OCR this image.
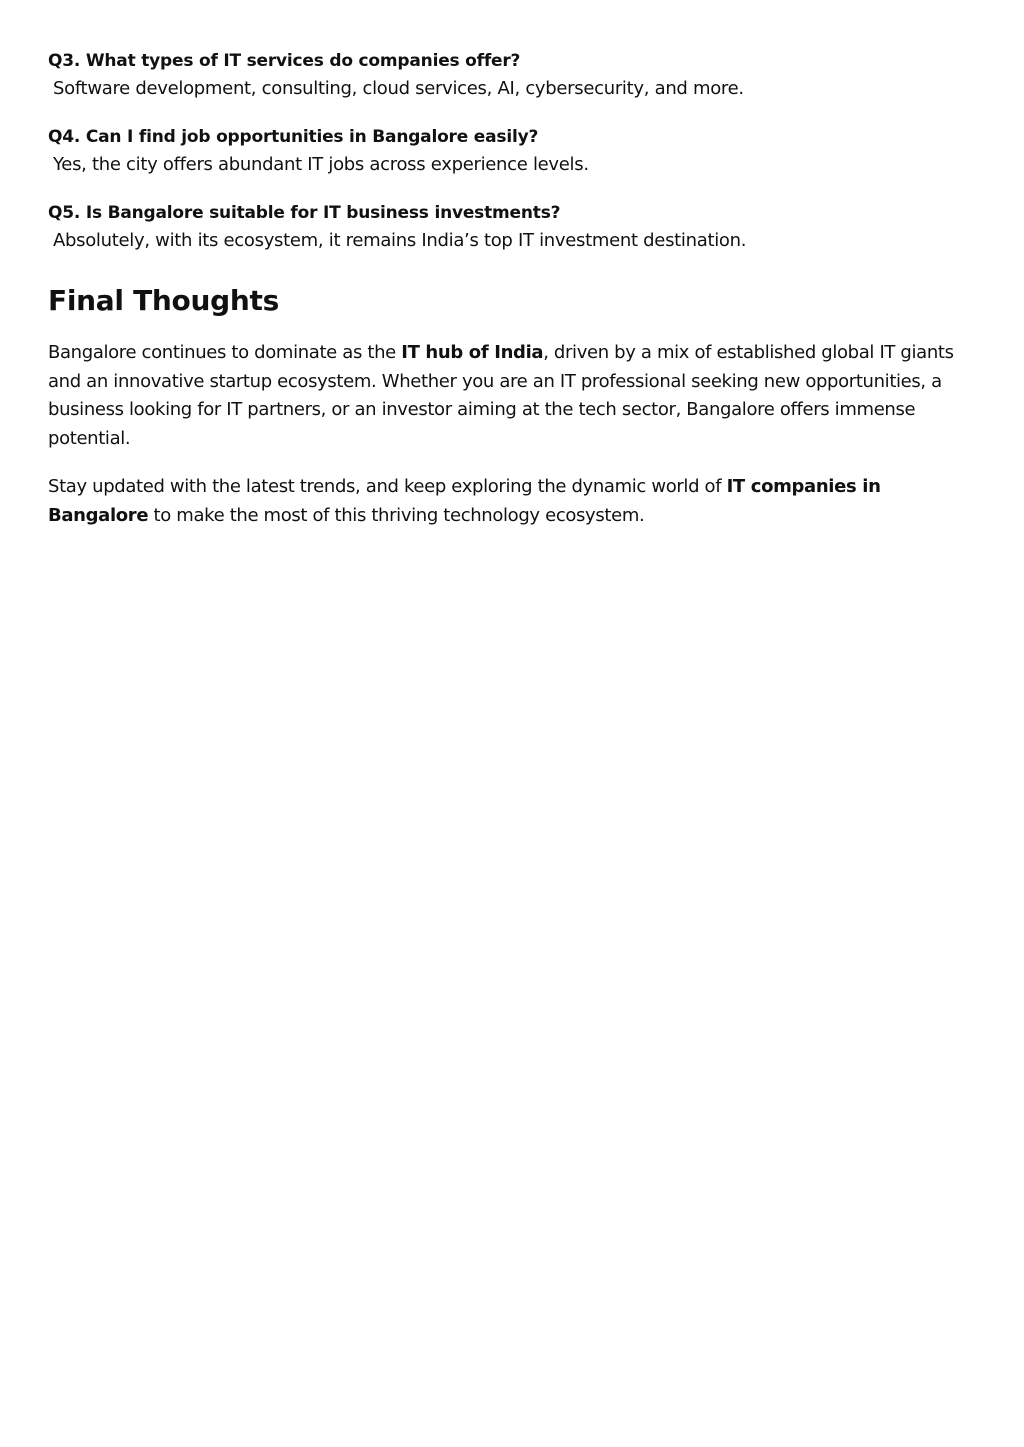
Q3. What types of IT services do companies offer?

Software development, consulting, cloud services, AI, cybersecurity, and more.

Q4. Can I find job opportunities in Bangalore easily?

Yes, the city offers abundant IT jobs across experience levels.

Q5. Is Bangalore suitable for IT business investments?

Absolutely, with its ecosystem, it remains India’s top IT investment destination.

Final Thoughts

Bangalore continues to dominate as the IT hub of India, driven by a mix of established global IT giants and an innovative startup ecosystem. Whether you are an IT professional seeking new opportunities, a business looking for IT partners, or an investor aiming at the tech sector, Bangalore offers immense potential.

Stay updated with the latest trends, and keep exploring the dynamic world of IT companies in Bangalore to make the most of this thriving technology ecosystem.
